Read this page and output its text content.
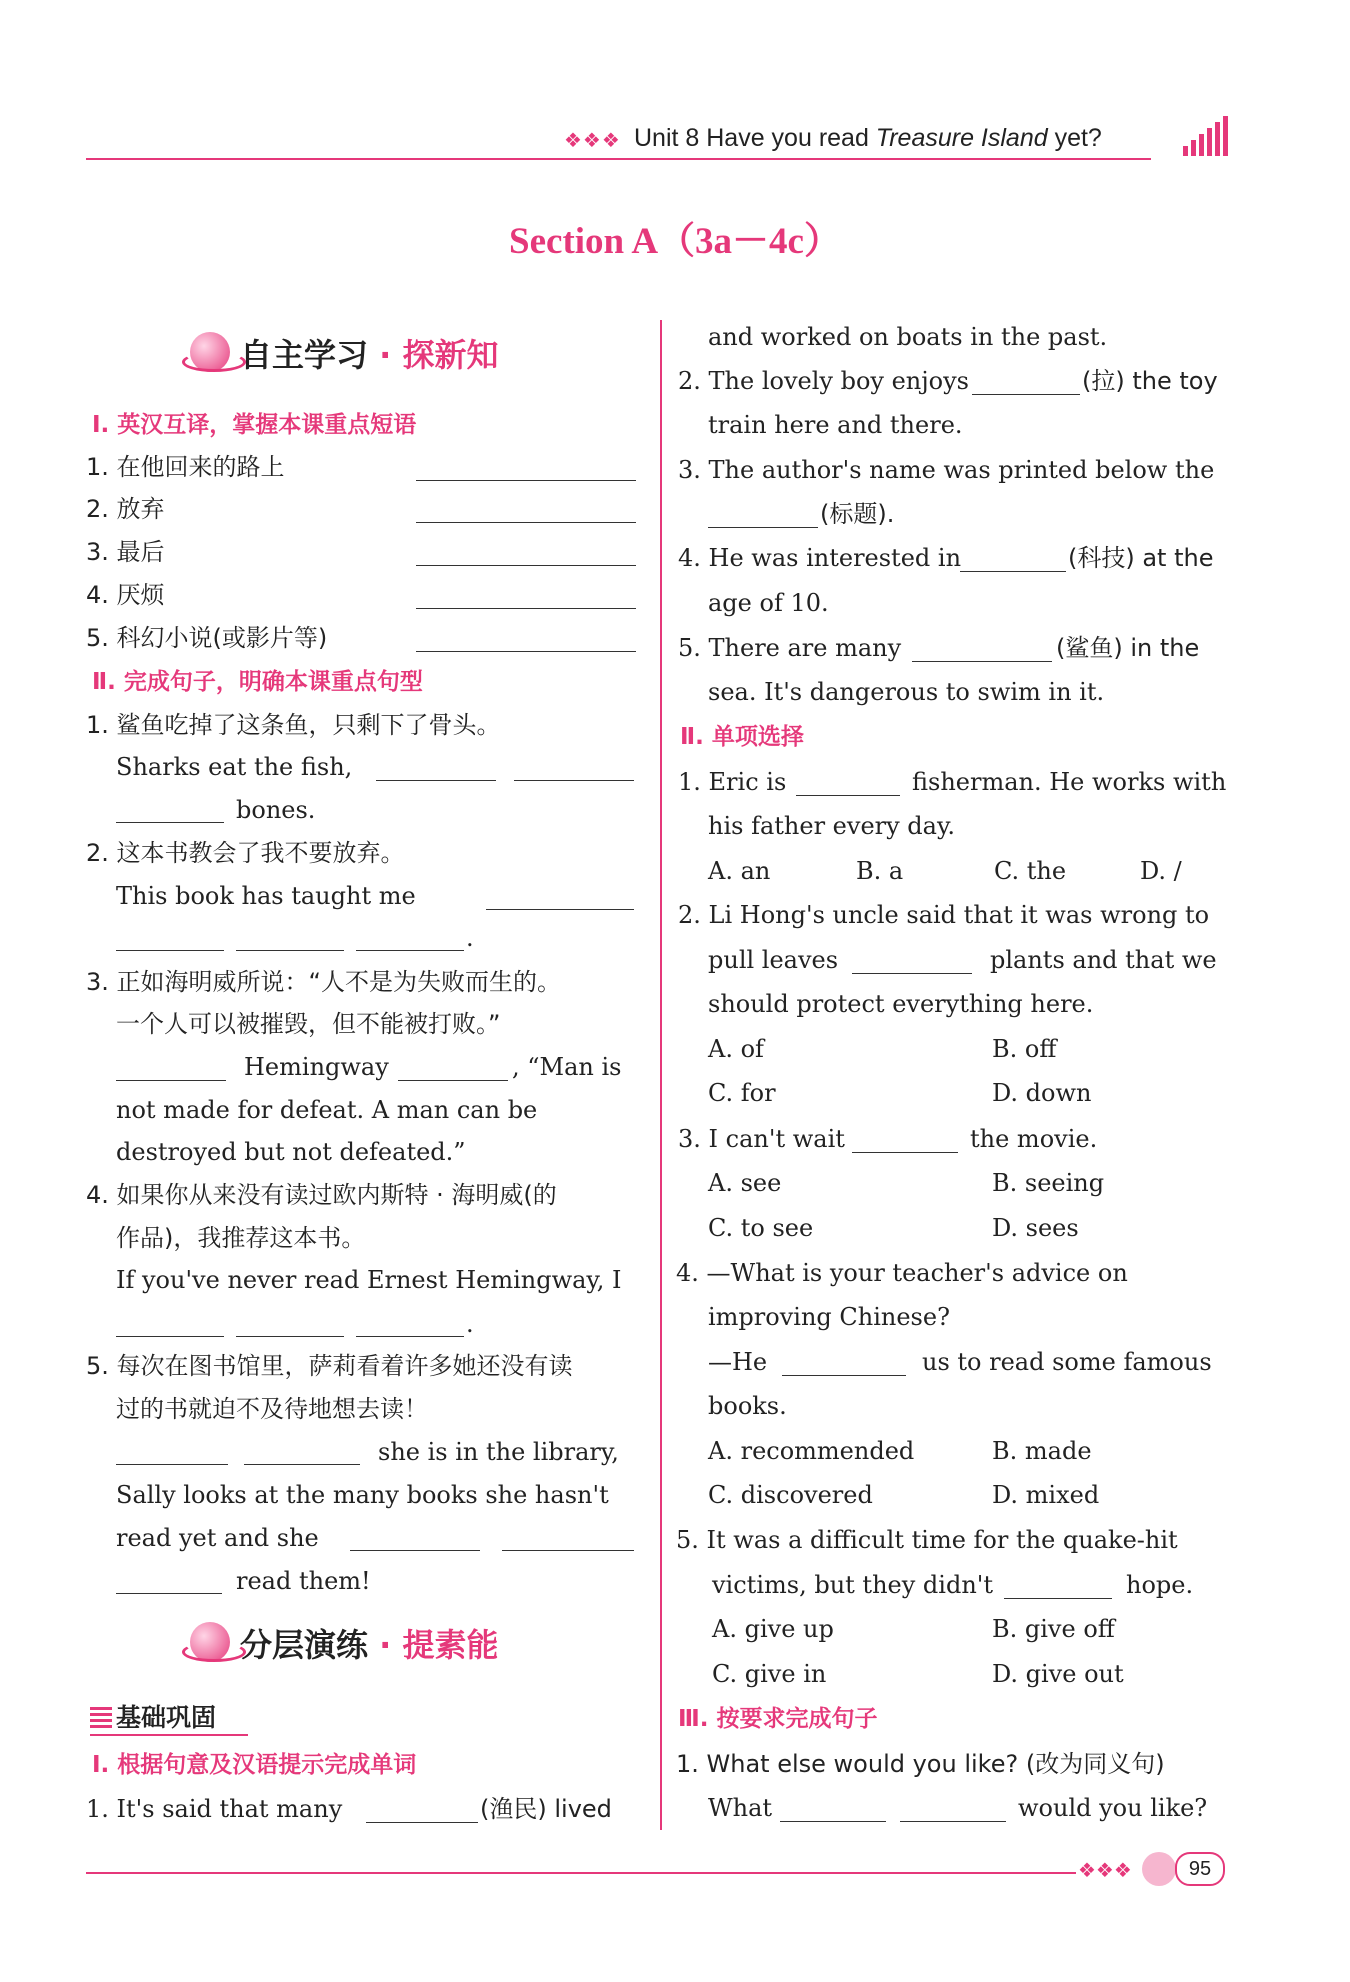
❖❖❖ Unit 8 Have you read Treasure Island yet?
Section A（3a－4c）
自主学习 · 探新知
Ⅰ. 英汉互译，掌握本课重点短语
1. 在他回来的路上
2. 放弃
3. 最后
4. 厌烦
5. 科幻小说(或影片等)
Ⅱ. 完成句子，明确本课重点句型
1. 鲨鱼吃掉了这条鱼，只剩下了骨头。
Sharks eat the fish,
bones.
2. 这本书教会了我不要放弃。
This book has taught me
.
3. 正如海明威所说：“人不是为失败而生的。
一个人可以被摧毁，但不能被打败。”
Hemingway	, “Man is
not made for defeat. A man can be
destroyed but not defeated.”
4. 如果你从来没有读过欧内斯特 · 海明威(的
作品)，我推荐这本书。
If you've never read Ernest Hemingway, I
.
5. 每次在图书馆里，萨莉看着许多她还没有读
过的书就迫不及待地想去读！
she is in the library,
Sally looks at the many books she hasn't
read yet and she
read them!
分层演练 · 提素能
基础巩固
Ⅰ. 根据句意及汉语提示完成单词
1. It's said that many	(渔民) lived
and worked on boats in the past.
2. The lovely boy enjoys	(拉) the toy
train here and there.
3. The author's name was printed below the
(标题).
4. He was interested in	(科技) at the
age of 10.
5. There are many	(鲨鱼) in the
sea. It's dangerous to swim in it.
Ⅱ. 单项选择
1. Eric is	fisherman. He works with
his father every day.
A. an	B. a	C. the	D. /
2. Li Hong's uncle said that it was wrong to
pull leaves	plants and that we
should protect everything here.
A. of	B. off
C. for	D. down
3. I can't wait	the movie.
A. see	B. seeing
C. to see	D. sees
4. —What is your teacher's advice on
improving Chinese?
—He	us to read some famous
books.
A. recommended	B. made
C. discovered	D. mixed
5. It was a difficult time for the quake-hit
victims, but they didn't	hope.
A. give up	B. give off
C. give in	D. give out
Ⅲ. 按要求完成句子
1. What else would you like? (改为同义句)
What	would you like?
❖❖❖	95
